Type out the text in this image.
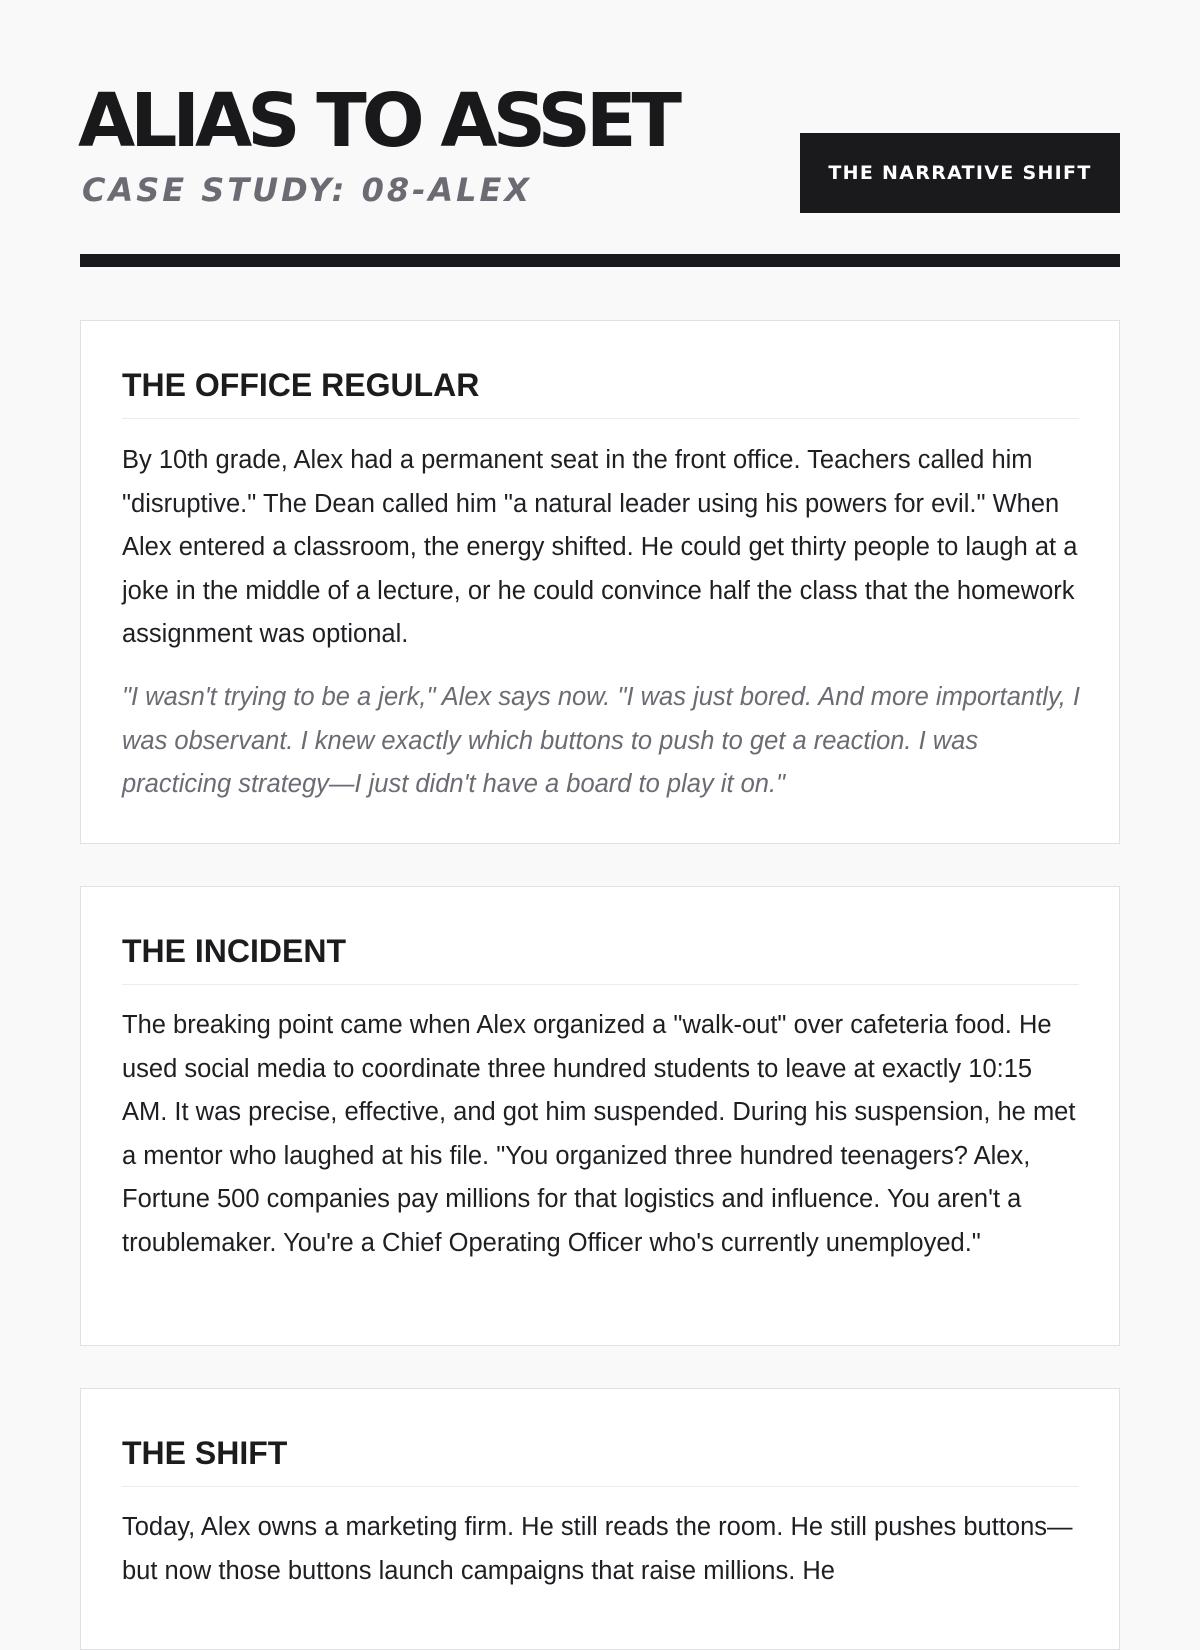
ALIAS TO ASSET
CASE STUDY: 08-ALEX	THE NARRATIVE SHIFT
THE OFFICE REGULAR

By 10th grade, Alex had a permanent seat in the front office. Teachers called him "disruptive." The Dean called him "a natural leader using his powers for evil." When Alex entered a classroom, the energy shifted. He could get thirty people to laugh at a joke in the middle of a lecture, or he could convince half the class that the homework assignment was optional.

"I wasn't trying to be a jerk," Alex says now. "I was just bored. And more importantly, I was observant. I knew exactly which buttons to push to get a reaction. I was practicing strategy—I just didn't have a board to play it on."

THE INCIDENT

The breaking point came when Alex organized a "walk-out" over cafeteria food. He used social media to coordinate three hundred students to leave at exactly 10:15 AM. It was precise, effective, and got him suspended. During his suspension, he met a mentor who laughed at his file. "You organized three hundred teenagers? Alex, Fortune 500 companies pay millions for that logistics and influence. You aren't a troublemaker. You're a Chief Operating Officer who's currently unemployed."

THE SHIFT

Today, Alex owns a marketing firm. He still reads the room. He still pushes buttons—but now those buttons launch campaigns that raise millions. He
